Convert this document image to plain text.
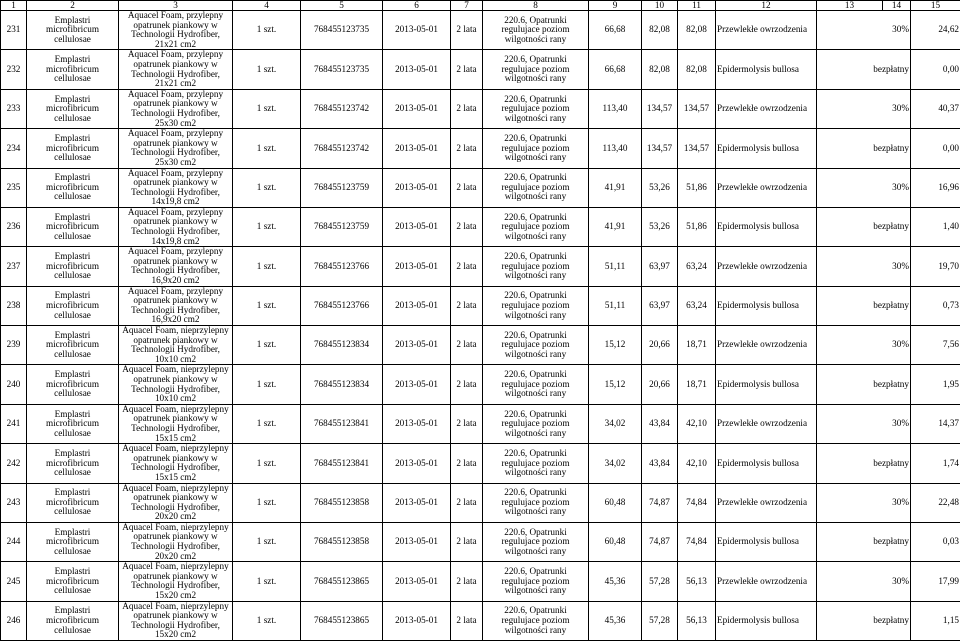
1	2	3	4	5	6	7	8	9	10	11	12	13	14	15
231	Emplastri microfibricum cellulosae	Aquacel Foam, przylepny opatrunek piankowy w Technologii Hydrofiber, 21x21 cm2	1 szt.	768455123735	2013-05-01	2 lata	220.6, Opatrunki regulujace poziom wilgotności rany	66,68	82,08	82,08	Przewlekłe owrzodzenia	30%		24,62
232	Emplastri microfibricum cellulosae	Aquacel Foam, przylepny opatrunek piankowy w Technologii Hydrofiber, 21x21 cm2	1 szt.	768455123735	2013-05-01	2 lata	220.6, Opatrunki regulujace poziom wilgotności rany	66,68	82,08	82,08	Epidermolysis bullosa	bezpłatny		0,00
233	Emplastri microfibricum cellulosae	Aquacel Foam, przylepny opatrunek piankowy w Technologii Hydrofiber, 25x30 cm2	1 szt.	768455123742	2013-05-01	2 lata	220.6, Opatrunki regulujace poziom wilgotności rany	113,40	134,57	134,57	Przewlekłe owrzodzenia	30%		40,37
234	Emplastri microfibricum cellulosae	Aquacel Foam, przylepny opatrunek piankowy w Technologii Hydrofiber, 25x30 cm2	1 szt.	768455123742	2013-05-01	2 lata	220.6, Opatrunki regulujace poziom wilgotności rany	113,40	134,57	134,57	Epidermolysis bullosa	bezpłatny		0,00
235	Emplastri microfibricum cellulosae	Aquacel Foam, przylepny opatrunek piankowy w Technologii Hydrofiber, 14x19,8 cm2	1 szt.	768455123759	2013-05-01	2 lata	220.6, Opatrunki regulujace poziom wilgotności rany	41,91	53,26	51,86	Przewlekłe owrzodzenia	30%		16,96
236	Emplastri microfibricum cellulosae	Aquacel Foam, przylepny opatrunek piankowy w Technologii Hydrofiber, 14x19,8 cm2	1 szt.	768455123759	2013-05-01	2 lata	220.6, Opatrunki regulujace poziom wilgotności rany	41,91	53,26	51,86	Epidermolysis bullosa	bezpłatny		1,40
237	Emplastri microfibricum cellulosae	Aquacel Foam, przylepny opatrunek piankowy w Technologii Hydrofiber, 16,9x20 cm2	1 szt.	768455123766	2013-05-01	2 lata	220.6, Opatrunki regulujace poziom wilgotności rany	51,11	63,97	63,24	Przewlekłe owrzodzenia	30%		19,70
238	Emplastri microfibricum cellulosae	Aquacel Foam, przylepny opatrunek piankowy w Technologii Hydrofiber, 16,9x20 cm2	1 szt.	768455123766	2013-05-01	2 lata	220.6, Opatrunki regulujace poziom wilgotności rany	51,11	63,97	63,24	Epidermolysis bullosa	bezpłatny		0,73
239	Emplastri microfibricum cellulosae	Aquacel Foam, nieprzylepny opatrunek piankowy w Technologii Hydrofiber, 10x10 cm2	1 szt.	768455123834	2013-05-01	2 lata	220.6, Opatrunki regulujace poziom wilgotności rany	15,12	20,66	18,71	Przewlekłe owrzodzenia	30%		7,56
240	Emplastri microfibricum cellulosae	Aquacel Foam, nieprzylepny opatrunek piankowy w Technologii Hydrofiber, 10x10 cm2	1 szt.	768455123834	2013-05-01	2 lata	220.6, Opatrunki regulujace poziom wilgotności rany	15,12	20,66	18,71	Epidermolysis bullosa	bezpłatny		1,95
241	Emplastri microfibricum cellulosae	Aquacel Foam, nieprzylepny opatrunek piankowy w Technologii Hydrofiber, 15x15 cm2	1 szt.	768455123841	2013-05-01	2 lata	220.6, Opatrunki regulujace poziom wilgotności rany	34,02	43,84	42,10	Przewlekłe owrzodzenia	30%		14,37
242	Emplastri microfibricum cellulosae	Aquacel Foam, nieprzylepny opatrunek piankowy w Technologii Hydrofiber, 15x15 cm2	1 szt.	768455123841	2013-05-01	2 lata	220.6, Opatrunki regulujace poziom wilgotności rany	34,02	43,84	42,10	Epidermolysis bullosa	bezpłatny		1,74
243	Emplastri microfibricum cellulosae	Aquacel Foam, nieprzylepny opatrunek piankowy w Technologii Hydrofiber, 20x20 cm2	1 szt.	768455123858	2013-05-01	2 lata	220.6, Opatrunki regulujace poziom wilgotności rany	60,48	74,87	74,84	Przewlekłe owrzodzenia	30%		22,48
244	Emplastri microfibricum cellulosae	Aquacel Foam, nieprzylepny opatrunek piankowy w Technologii Hydrofiber, 20x20 cm2	1 szt.	768455123858	2013-05-01	2 lata	220.6, Opatrunki regulujace poziom wilgotności rany	60,48	74,87	74,84	Epidermolysis bullosa	bezpłatny		0,03
245	Emplastri microfibricum cellulosae	Aquacel Foam, nieprzylepny opatrunek piankowy w Technologii Hydrofiber, 15x20 cm2	1 szt.	768455123865	2013-05-01	2 lata	220.6, Opatrunki regulujace poziom wilgotności rany	45,36	57,28	56,13	Przewlekłe owrzodzenia	30%		17,99
246	Emplastri microfibricum cellulosae	Aquacel Foam, nieprzylepny opatrunek piankowy w Technologii Hydrofiber, 15x20 cm2	1 szt.	768455123865	2013-05-01	2 lata	220.6, Opatrunki regulujace poziom wilgotności rany	45,36	57,28	56,13	Epidermolysis bullosa	bezpłatny		1,15
